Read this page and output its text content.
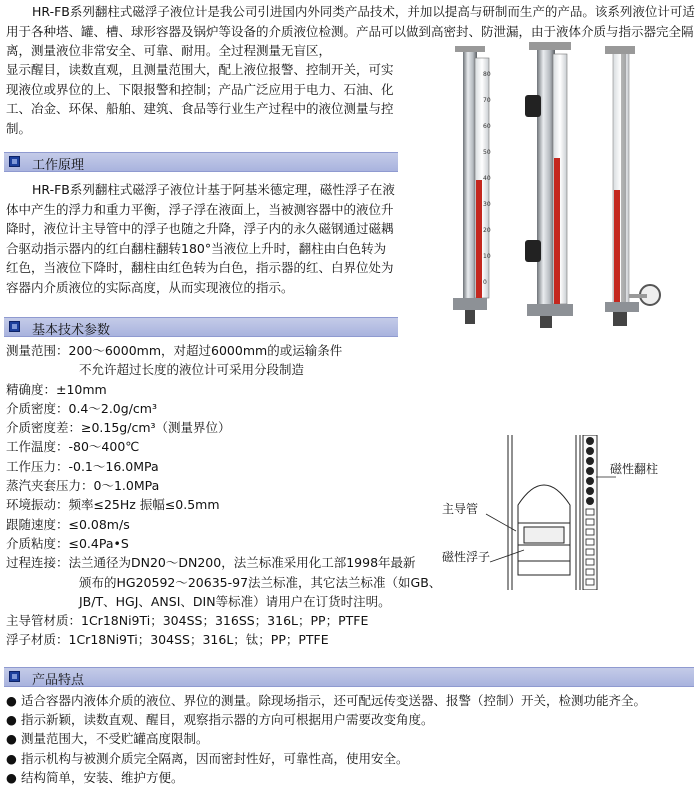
HR-FB系列翻柱式磁浮子液位计是我公司引进国内外同类产品技术，并加以提高与研制而生产的产品。该系列液位计可适用于各种塔、罐、槽、球形容器及锅炉等设备的介质液位检测。产品可以做到高密封、防泄漏，由于液体介质与指示器完全隔离，测量液位非常安全、可靠、耐用。全过程测量无盲区，

显示醒目，读数直观，且测量范围大，配上液位报警、控制开关，可实现液位或界位的上、下限报警和控制；产品广泛应用于电力、石油、化工、冶金、环保、船舶、建筑、食品等行业生产过程中的液位测量与控制。

工作原理

HR-FB系列翻柱式磁浮子液位计基于阿基米德定理，磁性浮子在液体中产生的浮力和重力平衡，浮子浮在液面上，当被测容器中的液位升降时，液位计主导管中的浮子也随之升降，浮子内的永久磁钢通过磁耦合驱动指示器内的红白翻柱翻转180°当液位上升时，翻柱由白色转为红色，当液位下降时，翻柱由红色转为白色，指示器的红、白界位处为容器内介质液位的实际高度，从而实现液位的指示。

基本技术参数
测量范围：200～6000mm，对超过6000mm的或运输条件
不允许超过长度的液位计可采用分段制造
精确度：±10mm
介质密度：0.4～2.0g/cm³
介质密度差：≥0.15g/cm³（测量界位）
工作温度：-80～400℃
工作压力：-0.1～16.0MPa
蒸汽夹套压力：0～1.0MPa
环境振动：频率≤25Hz 振幅≤0.5mm
跟随速度：≤0.08m/s
介质粘度：≤0.4Pa•S
过程连接：法兰通径为DN20～DN200，法兰标准采用化工部1998年最新
颁布的HG20592～20635-97法兰标准，其它法兰标准（如GB、
JB/T、HGJ、ANSI、DIN等标准）请用户在订货时注明。
主导管材质：1Cr18Ni9Ti；304SS；316SS；316L；PP；PTFE
浮子材质：1Cr18Ni9Ti；304SS；316L；钛；PP；PTFE
产品特点
● 适合容器内液体介质的液位、界位的测量。除现场指示，还可配远传变送器、报警（控制）开关，检测功能齐全。
● 指示新颖，读数直观、醒目，观察指示器的方向可根据用户需要改变角度。
● 测量范围大，不受贮罐高度限制。
● 指示机构与被测介质完全隔离，因而密封性好，可靠性高，使用安全。
● 结构简单，安装、维护方便。
80
70
60
50
40
30
20
10
0
磁性翻柱
主导管
磁性浮子
